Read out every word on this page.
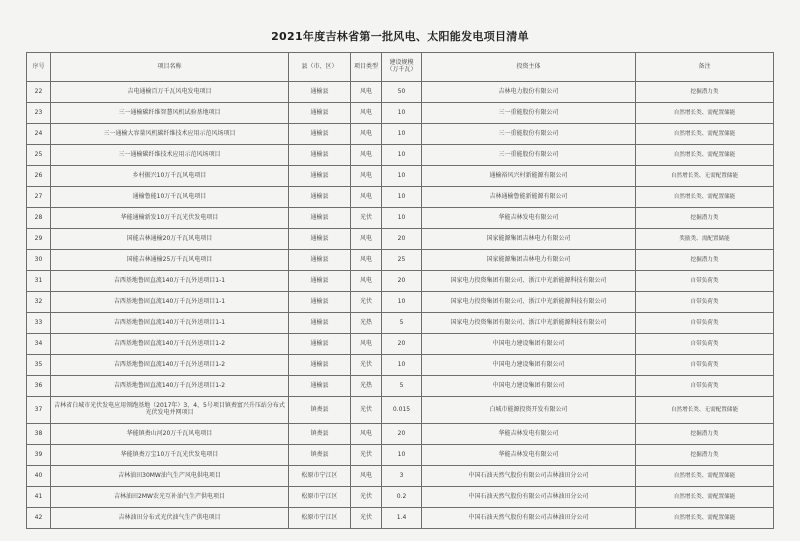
2021年度吉林省第一批风电、太阳能发电项目清单
序号	项目名称	县（市、区）	项目类型	建设规模（万千瓦）	投资主体	备注
22	吉电通榆百万千瓦风电发电项目	通榆县	风电	50	吉林电力股份有限公司	挖掘潜力类
23	三一通榆碳纤维智慧风机试验基地项目	通榆县	风电	10	三一重能股份有限公司	自然增长类、需配置储能
24	三一通榆大容量风机碳纤维技术应用示范风场项目	通榆县	风电	10	三一重能股份有限公司	自然增长类、需配置储能
25	三一通榆碳纤维技术应用示范风场项目	通榆县	风电	10	三一重能股份有限公司	自然增长类、需配置储能
26	乡村振兴10万千瓦风电项目	通榆县	风电	10	通榆裕风兴村新能源有限公司	自然增长类、无需配置储能
27	通榆鲁能10万千瓦风电项目	通榆县	风电	10	吉林通榆鲁能新能源有限公司	自然增长类、需配置储能
28	华能通榆新发10万千瓦光伏发电项目	通榆县	光伏	10	华能吉林发电有限公司	挖掘潜力类
29	国能吉林通榆20万千瓦风电项目	通榆县	风电	20	国家能源集团吉林电力有限公司	奖励类、需配置储能
30	国能吉林通榆25万千瓦风电项目	通榆县	风电	25	国家能源集团吉林电力有限公司	挖掘潜力类
31	吉西基地鲁固直流140万千瓦外送项目1-1	通榆县	风电	20	国家电力投资集团有限公司、浙江中光新能源科技有限公司	自带负荷类
32	吉西基地鲁固直流140万千瓦外送项目1-1	通榆县	光伏	10	国家电力投资集团有限公司、浙江中光新能源科技有限公司	自带负荷类
33	吉西基地鲁固直流140万千瓦外送项目1-1	通榆县	光热	5	国家电力投资集团有限公司、浙江中光新能源科技有限公司	自带负荷类
34	吉西基地鲁固直流140万千瓦外送项目1-2	通榆县	风电	20	中国电力建设集团有限公司	自带负荷类
35	吉西基地鲁固直流140万千瓦外送项目1-2	通榆县	光伏	10	中国电力建设集团有限公司	自带负荷类
36	吉西基地鲁固直流140万千瓦外送项目1-2	通榆县	光热	5	中国电力建设集团有限公司	自带负荷类
37	吉林省白城市光伏发电应用领跑基地（2017年）3、4、5号项目镇赉富兴升压站分布式光伏发电并网项目	镇赉县	光伏	0.015	白城市能源投资开发有限公司	自然增长类、无需配置储能
38	华能镇赉山河20万千瓦风电项目	镇赉县	风电	20	华能吉林发电有限公司	挖掘潜力类
39	华能镇赉万宝10万千瓦光伏发电项目	镇赉县	光伏	10	华能吉林发电有限公司	挖掘潜力类
40	吉林油田30MW油气生产风电供电项目	松原市宁江区	风电	3	中国石油天然气股份有限公司吉林油田分公司	自然增长类、需配置储能
41	吉林油田2MW农光互补油气生产供电项目	松原市宁江区	光伏	0.2	中国石油天然气股份有限公司吉林油田分公司	自然增长类、需配置储能
42	吉林油田分布式光伏油气生产供电项目	松原市宁江区	光伏	1.4	中国石油天然气股份有限公司吉林油田分公司	自然增长类、需配置储能
